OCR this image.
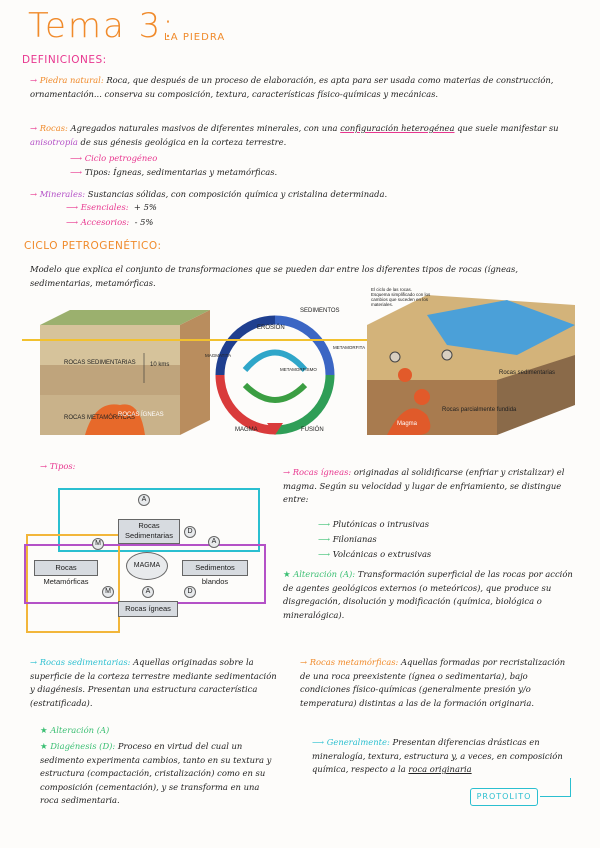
Tema 3:
LA PIEDRA
DEFINICIONES:
→ Piedra natural: Roca, que después de un proceso de elaboración, es apta para ser usada como materias de construcción, ornamentación... conserva su composición, textura, características físico-químicas y mecánicas.
→ Rocas: Agregados naturales masivos de diferentes minerales, con una configuración heterogénea que suele manifestar su anisotropía de sus génesis geológica en la corteza terrestre.
⟶ Ciclo petrogéneo
⟶ Tipos: Ígneas, sedimentarias y metamórficas.
→ Minerales: Sustancias sólidas, con composición química y cristalina determinada.
⟶ Esenciales: + 5%
⟶ Accesorios: - 5%
CICLO PETROGENÉTICO:
Modelo que explica el conjunto de transformaciones que se pueden dar entre los diferentes tipos de rocas (ígneas, sedimentarias, metamórficas.
ROCAS SEDIMENTARIAS
ROCAS METAMÓRFICAS
ROCAS ÍGNEAS
10 kms
EROSIÓN
SEDIMENTOS
METAMORFISMO
METAMORFITA
MAGMATITA
MAGMA	FUSIÓN
El ciclo de las rocas. Esquema simplificado con los cambios que suceden en los materiales.
Rocas sedimentarias
Rocas parcialmente fundida
Magma
→ Tipos:
Rocas Sedimentarias
Rocas Metamórficas
Sedimentos blandos
Rocas ígneas
MAGMA
A
D
A
D
M
M	A
→ Rocas ígneas: originadas al solidificarse (enfriar y cristalizar) el magma. Según su velocidad y lugar de enfriamiento, se distingue entre:
⟶ Plutónicas o intrusivas
⟶ Filonianas
⟶ Volcánicas o extrusivas
★ Alteración (A): Transformación superficial de las rocas por acción de agentes geológicos externos (o meteóricos), que produce su disgregación, disolución y modificación (química, biológica o mineralógica).
→ Rocas sedimentarias: Aquellas originadas sobre la superficie de la corteza terrestre mediante sedimentación y diagénesis. Presentan una estructura característica (estratificada).
★ Alteración (A)
★ Diagénesis (D): Proceso en virtud del cual un sedimento experimenta cambios, tanto en su textura y estructura (compactación, cristalización) como en su composición (cementación), y se transforma en una roca sedimentaria.
→ Rocas metamórficas: Aquellas formadas por recristalización de una roca preexistente (ígnea o sedimentaria), bajo condiciones físico-químicas (generalmente presión y/o temperatura) distintas a las de la formación originaria.
⟶ Generalmente: Presentan diferencias drásticas en mineralogía, textura, estructura y, a veces, en composición química, respecto a la roca originaria
PROTOLITO
